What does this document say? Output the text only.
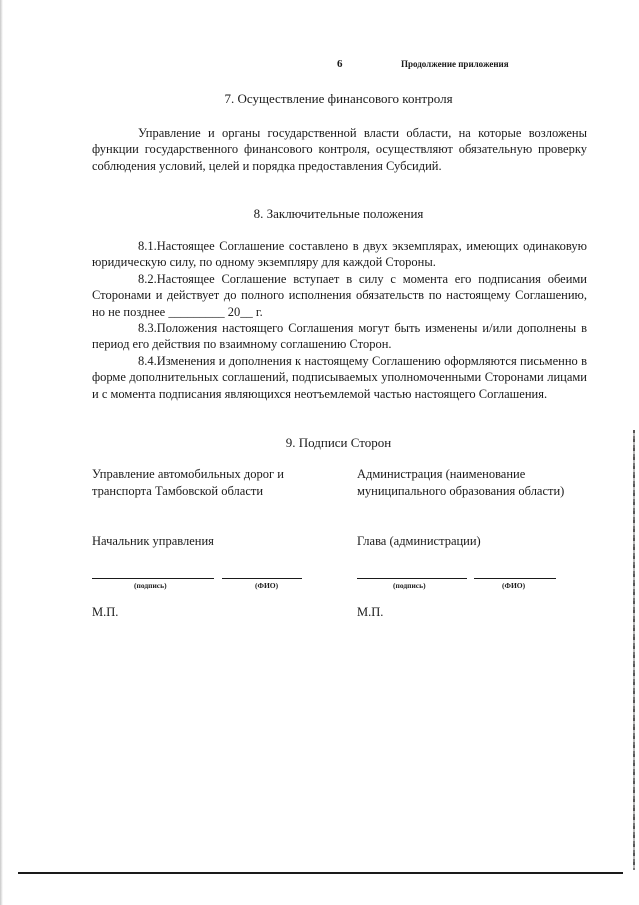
6	Продолжение приложения
7. Осуществление финансового контроля

Управление и органы государственной власти области, на которые возложены функции государственного финансового контроля, осуществляют обязательную проверку соблюдения условий, целей и порядка предоставления Субсидий.

8. Заключительные положения

8.1.Настоящее Соглашение составлено в двух экземплярах, имеющих одинаковую юридическую силу, по одному экземпляру для каждой Стороны.

8.2.Настоящее Соглашение вступает в силу с момента его подписания обеими Сторонами и действует до полного исполнения обязательств по настоящему Соглашению, но не позднее _________ 20__ г.

8.3.Положения настоящего Соглашения могут быть изменены и/или дополнены в период его действия по взаимному соглашению Сторон.

8.4.Изменения и дополнения к настоящему Соглашению оформляются письменно в форме дополнительных соглашений, подписываемых уполномоченными Сторонами лицами и с момента подписания являющихся неотъемлемой частью настоящего Соглашения.

9. Подписи Сторон

Управление автомобильных дорог и транспорта Тамбовской области

Администрация (наименование муниципального образования области)

Начальник управления	Глава (администрации)
(подпись)	(ФИО)	(подпись)	(ФИО)
М.П.	М.П.
